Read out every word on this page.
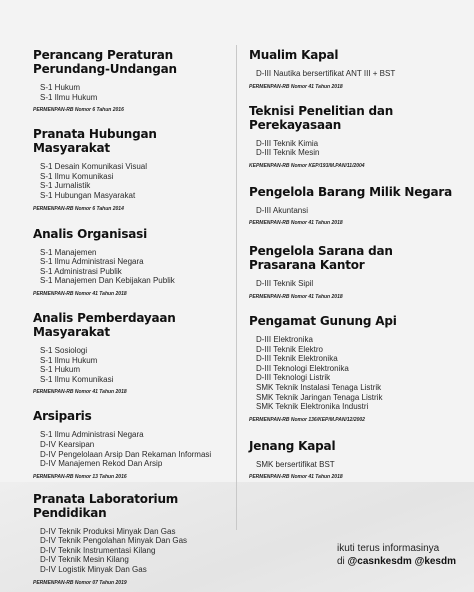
Perancang Peraturan
Perundang-Undangan
S-1 Hukum
S-1 Ilmu Hukum
PERMENPAN-RB Nomor 6 Tahun 2016
Pranata Hubungan Masyarakat
S-1 Desain Komunikasi Visual
S-1 Ilmu Komunikasi
S-1 Jurnalistik
S-1 Hubungan Masyarakat
PERMENPAN-RB Nomor 6 Tahun 2014
Analis Organisasi
S-1 Manajemen
S-1 Ilmu Administrasi Negara
S-1 Administrasi Publik
S-1 Manajemen Dan Kebijakan Publik
PERMENPAN-RB Nomor 41 Tahun 2018
Analis Pemberdayaan Masyarakat
S-1 Sosiologi
S-1 Ilmu Hukum
S-1 Hukum
S-1 Ilmu Komunikasi
PERMENPAN-RB Nomor 41 Tahun 2018
Arsiparis
S-1 Ilmu Administrasi Negara
D-IV Kearsipan
D-IV Pengelolaan Arsip Dan Rekaman Informasi
D-IV Manajemen Rekod Dan Arsip
PERMENPAN-RB Nomor 13 Tahun 2016
Pranata Laboratorium Pendidikan
D-IV Teknik Produksi Minyak Dan Gas
D-IV Teknik Pengolahan Minyak Dan Gas
D-IV Teknik Instrumentasi Kilang
D-IV Teknik Mesin Kilang
D-IV Logistik Minyak Dan Gas
PERMENPAN-RB Nomor 07 Tahun 2019
Mualim Kapal
D-III Nautika bersertifikat ANT III + BST
PERMENPAN-RB Nomor 41 Tahun 2018
Teknisi Penelitian dan Perekayasaan
D-III Teknik Kimia
D-III Teknik Mesin
KEPMENPAN-RB Nomor KEP/193/M.PAN/11/2004
Pengelola Barang Milik Negara
D-III Akuntansi
PERMENPAN-RB Nomor 41 Tahun 2018
Pengelola Sarana dan
Prasarana Kantor
D-III Teknik Sipil
PERMENPAN-RB Nomor 41 Tahun 2018
Pengamat Gunung Api
D-III Elektronika
D-III Teknik Elektro
D-III Teknik Elektronika
D-III Teknologi Elektronika
D-III Teknologi Listrik
SMK Teknik Instalasi Tenaga Listrik
SMK Teknik Jaringan Tenaga Listrik
SMK Teknik Elektronika Industri
PERMENPAN-RB Nomor 136/KEP/M.PAN/12/2002
Jenang Kapal
SMK bersertifikat BST
PERMENPAN-RB Nomor 41 Tahun 2018
ikuti terus informasinya
di @casnkesdm @kesdm
